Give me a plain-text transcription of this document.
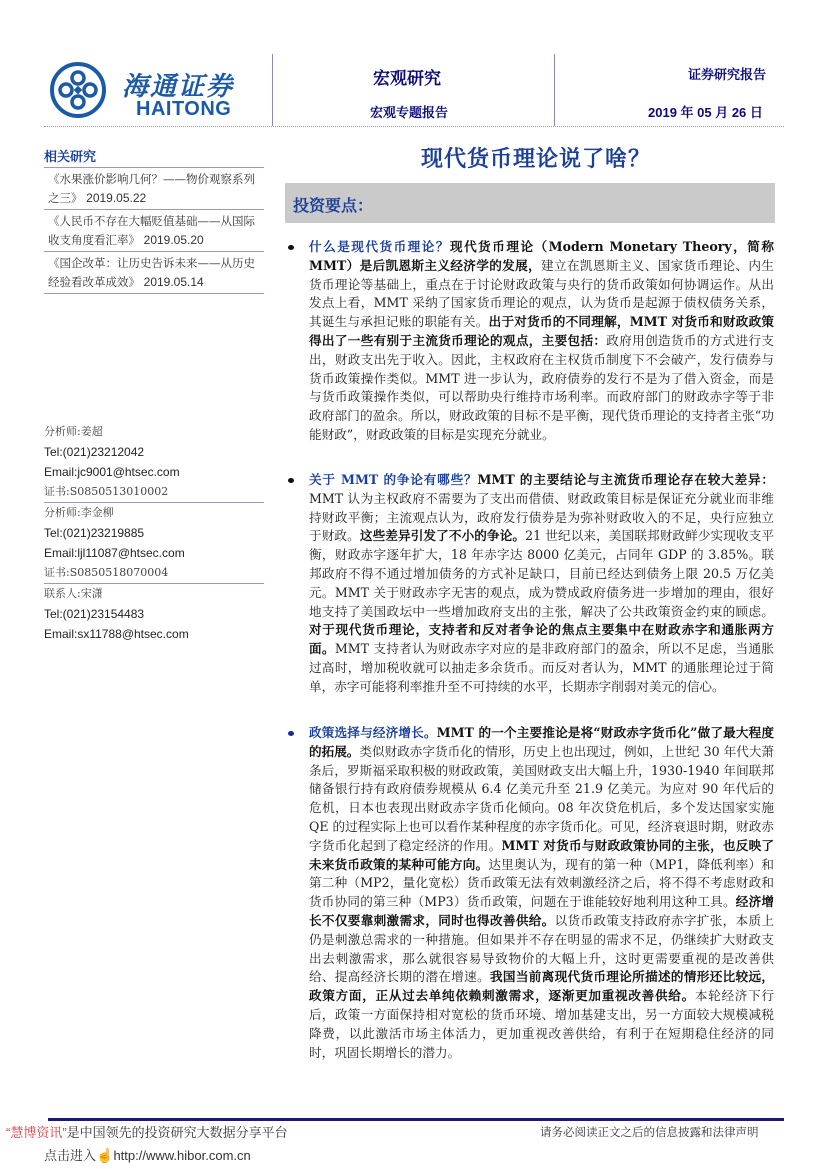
海通证券
HAITONG
宏观研究
宏观专题报告
证券研究报告
2019 年 05 月 26 日
相关研究
《水果涨价影响几何？——物价观察系列之三》 2019.05.22
《人民币不存在大幅贬值基础——从国际收支角度看汇率》 2019.05.20
《国企改革：让历史告诉未来——从历史经验看改革成效》 2019.05.14
分析师:姜超
Tel:(021)23212042
Email:jc9001@htsec.com
证书:S0850513010002
分析师:李金柳
Tel:(021)23219885
Email:ljl11087@htsec.com
证书:S0850518070004
联系人:宋潇
Tel:(021)23154483
Email:sx11788@htsec.com
现代货币理论说了啥？
投资要点：
什么是现代货币理论？现代货币理论（Modern Monetary Theory，简称MMT）是后凯恩斯主义经济学的发展，建立在凯恩斯主义、国家货币理论、内生货币理论等基础上，重点在于讨论财政政策与央行的货币政策如何协调运作。从出发点上看，MMT 采纳了国家货币理论的观点，认为货币是起源于债权债务关系，其诞生与承担记账的职能有关。出于对货币的不同理解，MMT 对货币和财政政策得出了一些有别于主流货币理论的观点，主要包括：政府用创造货币的方式进行支出，财政支出先于收入。因此，主权政府在主权货币制度下不会破产，发行债券与货币政策操作类似。MMT 进一步认为，政府债券的发行不是为了借入资金，而是与货币政策操作类似，可以帮助央行维持市场利率。而政府部门的财政赤字等于非政府部门的盈余。所以，财政政策的目标不是平衡，现代货币理论的支持者主张“功能财政”，财政政策的目标是实现充分就业。
关于 MMT 的争论有哪些？MMT 的主要结论与主流货币理论存在较大差异：MMT 认为主权政府不需要为了支出而借债、财政政策目标是保证充分就业而非维持财政平衡；主流观点认为，政府发行债券是为弥补财政收入的不足，央行应独立于财政。这些差异引发了不小的争论。21 世纪以来，美国联邦财政鲜少实现收支平衡，财政赤字逐年扩大，18 年赤字达 8000 亿美元，占同年 GDP 的 3.85%。联邦政府不得不通过增加债务的方式补足缺口，目前已经达到债务上限 20.5 万亿美元。MMT 关于财政赤字无害的观点，成为赞成政府债务进一步增加的理由，很好地支持了美国政坛中一些增加政府支出的主张，解决了公共政策资金约束的顾虑。对于现代货币理论，支持者和反对者争论的焦点主要集中在财政赤字和通胀两方面。MMT 支持者认为财政赤字对应的是非政府部门的盈余，所以不足虑，当通胀过高时，增加税收就可以抽走多余货币。而反对者认为，MMT 的通胀理论过于简单，赤字可能将利率推升至不可持续的水平，长期赤字削弱对美元的信心。
政策选择与经济增长。MMT 的一个主要推论是将“财政赤字货币化”做了最大程度的拓展。类似财政赤字货币化的情形，历史上也出现过，例如，上世纪 30 年代大萧条后，罗斯福采取积极的财政政策，美国财政支出大幅上升，1930-1940 年间联邦储备银行持有政府债券规模从 6.4 亿美元升至 21.9 亿美元。为应对 90 年代后的危机，日本也表现出财政赤字货币化倾向。08 年次贷危机后，多个发达国家实施 QE 的过程实际上也可以看作某种程度的赤字货币化。可见，经济衰退时期，财政赤字货币化起到了稳定经济的作用。MMT 对货币与财政政策协同的主张，也反映了未来货币政策的某种可能方向。达里奥认为，现有的第一种（MP1，降低利率）和第二种（MP2，量化宽松）货币政策无法有效刺激经济之后，将不得不考虑财政和货币协同的第三种（MP3）货币政策，问题在于谁能较好地利用这种工具。经济增长不仅要靠刺激需求，同时也得改善供给。以货币政策支持政府赤字扩张，本质上仍是刺激总需求的一种措施。但如果并不存在明显的需求不足，仍继续扩大财政支出去刺激需求，那么就很容易导致物价的大幅上升，这时更需要重视的是改善供给、提高经济长期的潜在增速。我国当前离现代货币理论所描述的情形还比较远，政策方面，正从过去单纯依赖刺激需求，逐渐更加重视改善供给。本轮经济下行后，政策一方面保持相对宽松的货币环境、增加基建支出，另一方面较大规模减税降费，以此激活市场主体活力，更加重视改善供给，有利于在短期稳住经济的同时，巩固长期增长的潜力。
“慧博资讯”是中国领先的投资研究大数据分享平台
点击进入☝http://www.hibor.com.cn
请务必阅读正文之后的信息披露和法律声明
